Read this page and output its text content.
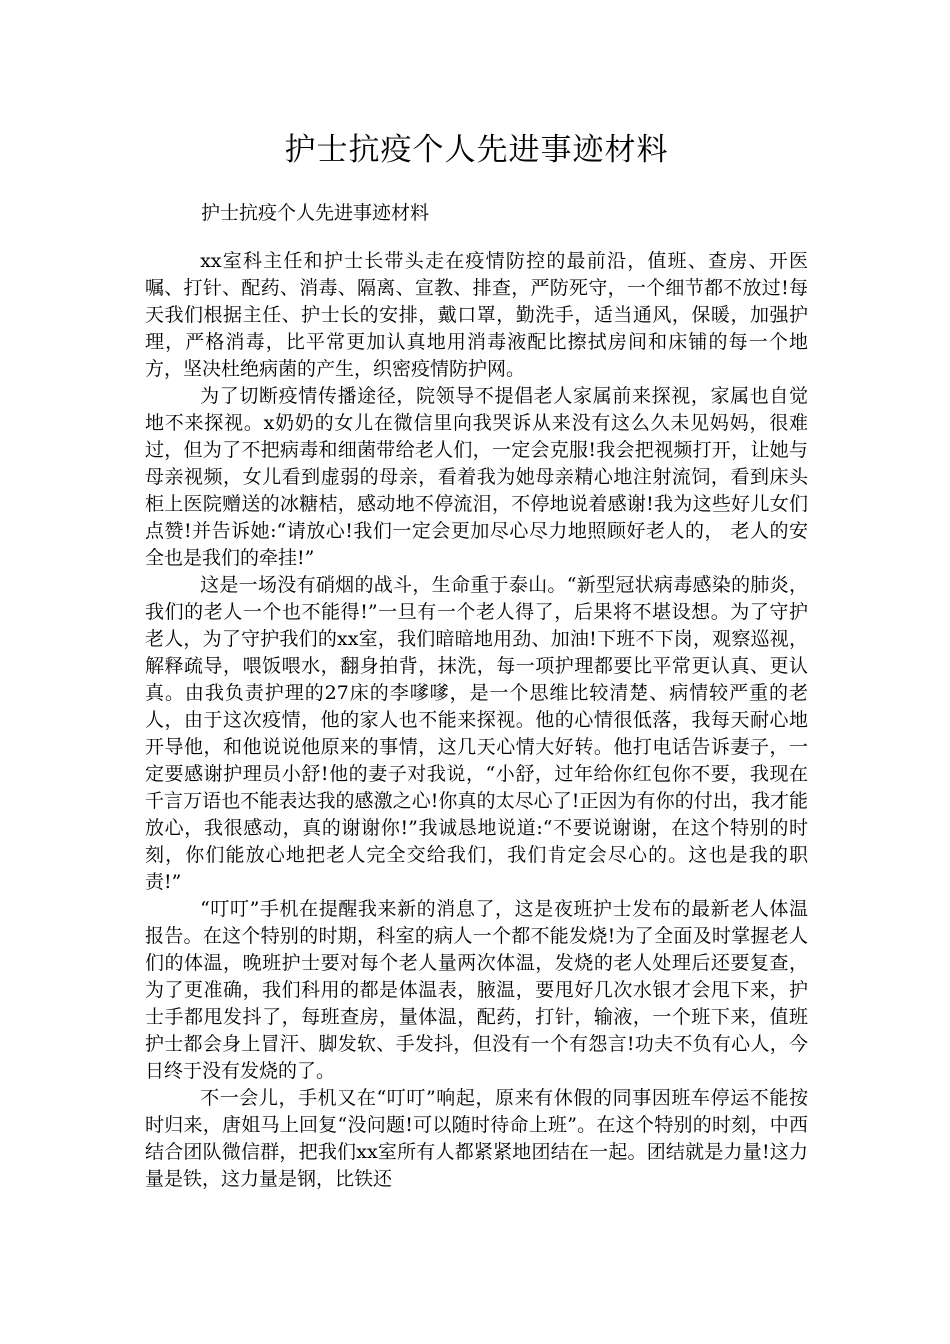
护士抗疫个人先进事迹材料
护士抗疫个人先进事迹材料

xx室科主任和护士长带头走在疫情防控的最前沿，值班、查房、开医嘱、打针、配药、消毒、隔离、宣教、排查，严防死守，一个细节都不放过!每天我们根据主任、护士长的安排，戴口罩，勤洗手，适当通风，保暖，加强护理，严格消毒，比平常更加认真地用消毒液配比擦拭房间和床铺的每一个地方，坚决杜绝病菌的产生，织密疫情防护网。

为了切断疫情传播途径，院领导不提倡老人家属前来探视，家属也自觉地不来探视。x奶奶的女儿在微信里向我哭诉从来没有这么久未见妈妈，很难过，但为了不把病毒和细菌带给老人们，一定会克服!我会把视频打开，让她与母亲视频，女儿看到虚弱的母亲，看着我为她母亲精心地注射流饲，看到床头柜上医院赠送的冰糖桔，感动地不停流泪，不停地说着感谢!我为这些好儿女们点赞!并告诉她:“请放心!我们一定会更加尽心尽力地照顾好老人的， 老人的安全也是我们的牵挂!”

这是一场没有硝烟的战斗，生命重于泰山。“新型冠状病毒感染的肺炎，我们的老人一个也不能得!”一旦有一个老人得了，后果将不堪设想。为了守护老人，为了守护我们的xx室，我们暗暗地用劲、加油!下班不下岗，观察巡视，解释疏导，喂饭喂水，翻身拍背，抹洗，每一项护理都要比平常更认真、更认真。由我负责护理的27床的李嗲嗲，是一个思维比较清楚、病情较严重的老人，由于这次疫情，他的家人也不能来探视。他的心情很低落，我每天耐心地开导他，和他说说他原来的事情，这几天心情大好转。他打电话告诉妻子，一定要感谢护理员小舒!他的妻子对我说，“小舒，过年给你红包你不要，我现在千言万语也不能表达我的感激之心!你真的太尽心了!正因为有你的付出，我才能放心，我很感动，真的谢谢你!”我诚恳地说道:“不要说谢谢，在这个特别的时刻，你们能放心地把老人完全交给我们，我们肯定会尽心的。这也是我的职责!”

“叮叮”手机在提醒我来新的消息了，这是夜班护士发布的最新老人体温报告。在这个特别的时期，科室的病人一个都不能发烧!为了全面及时掌握老人们的体温，晚班护士要对每个老人量两次体温，发烧的老人处理后还要复查，为了更准确，我们科用的都是体温表，腋温，要甩好几次水银才会甩下来，护士手都甩发抖了，每班查房，量体温，配药，打针，输液，一个班下来，值班护士都会身上冒汗、脚发软、手发抖，但没有一个有怨言!功夫不负有心人，今日终于没有发烧的了。

不一会儿，手机又在“叮叮”响起，原来有休假的同事因班车停运不能按时归来，唐姐马上回复“没问题!可以随时待命上班”。在这个特别的时刻，中西结合团队微信群，把我们xx室所有人都紧紧地团结在一起。团结就是力量!这力量是铁，这力量是钢，比铁还
